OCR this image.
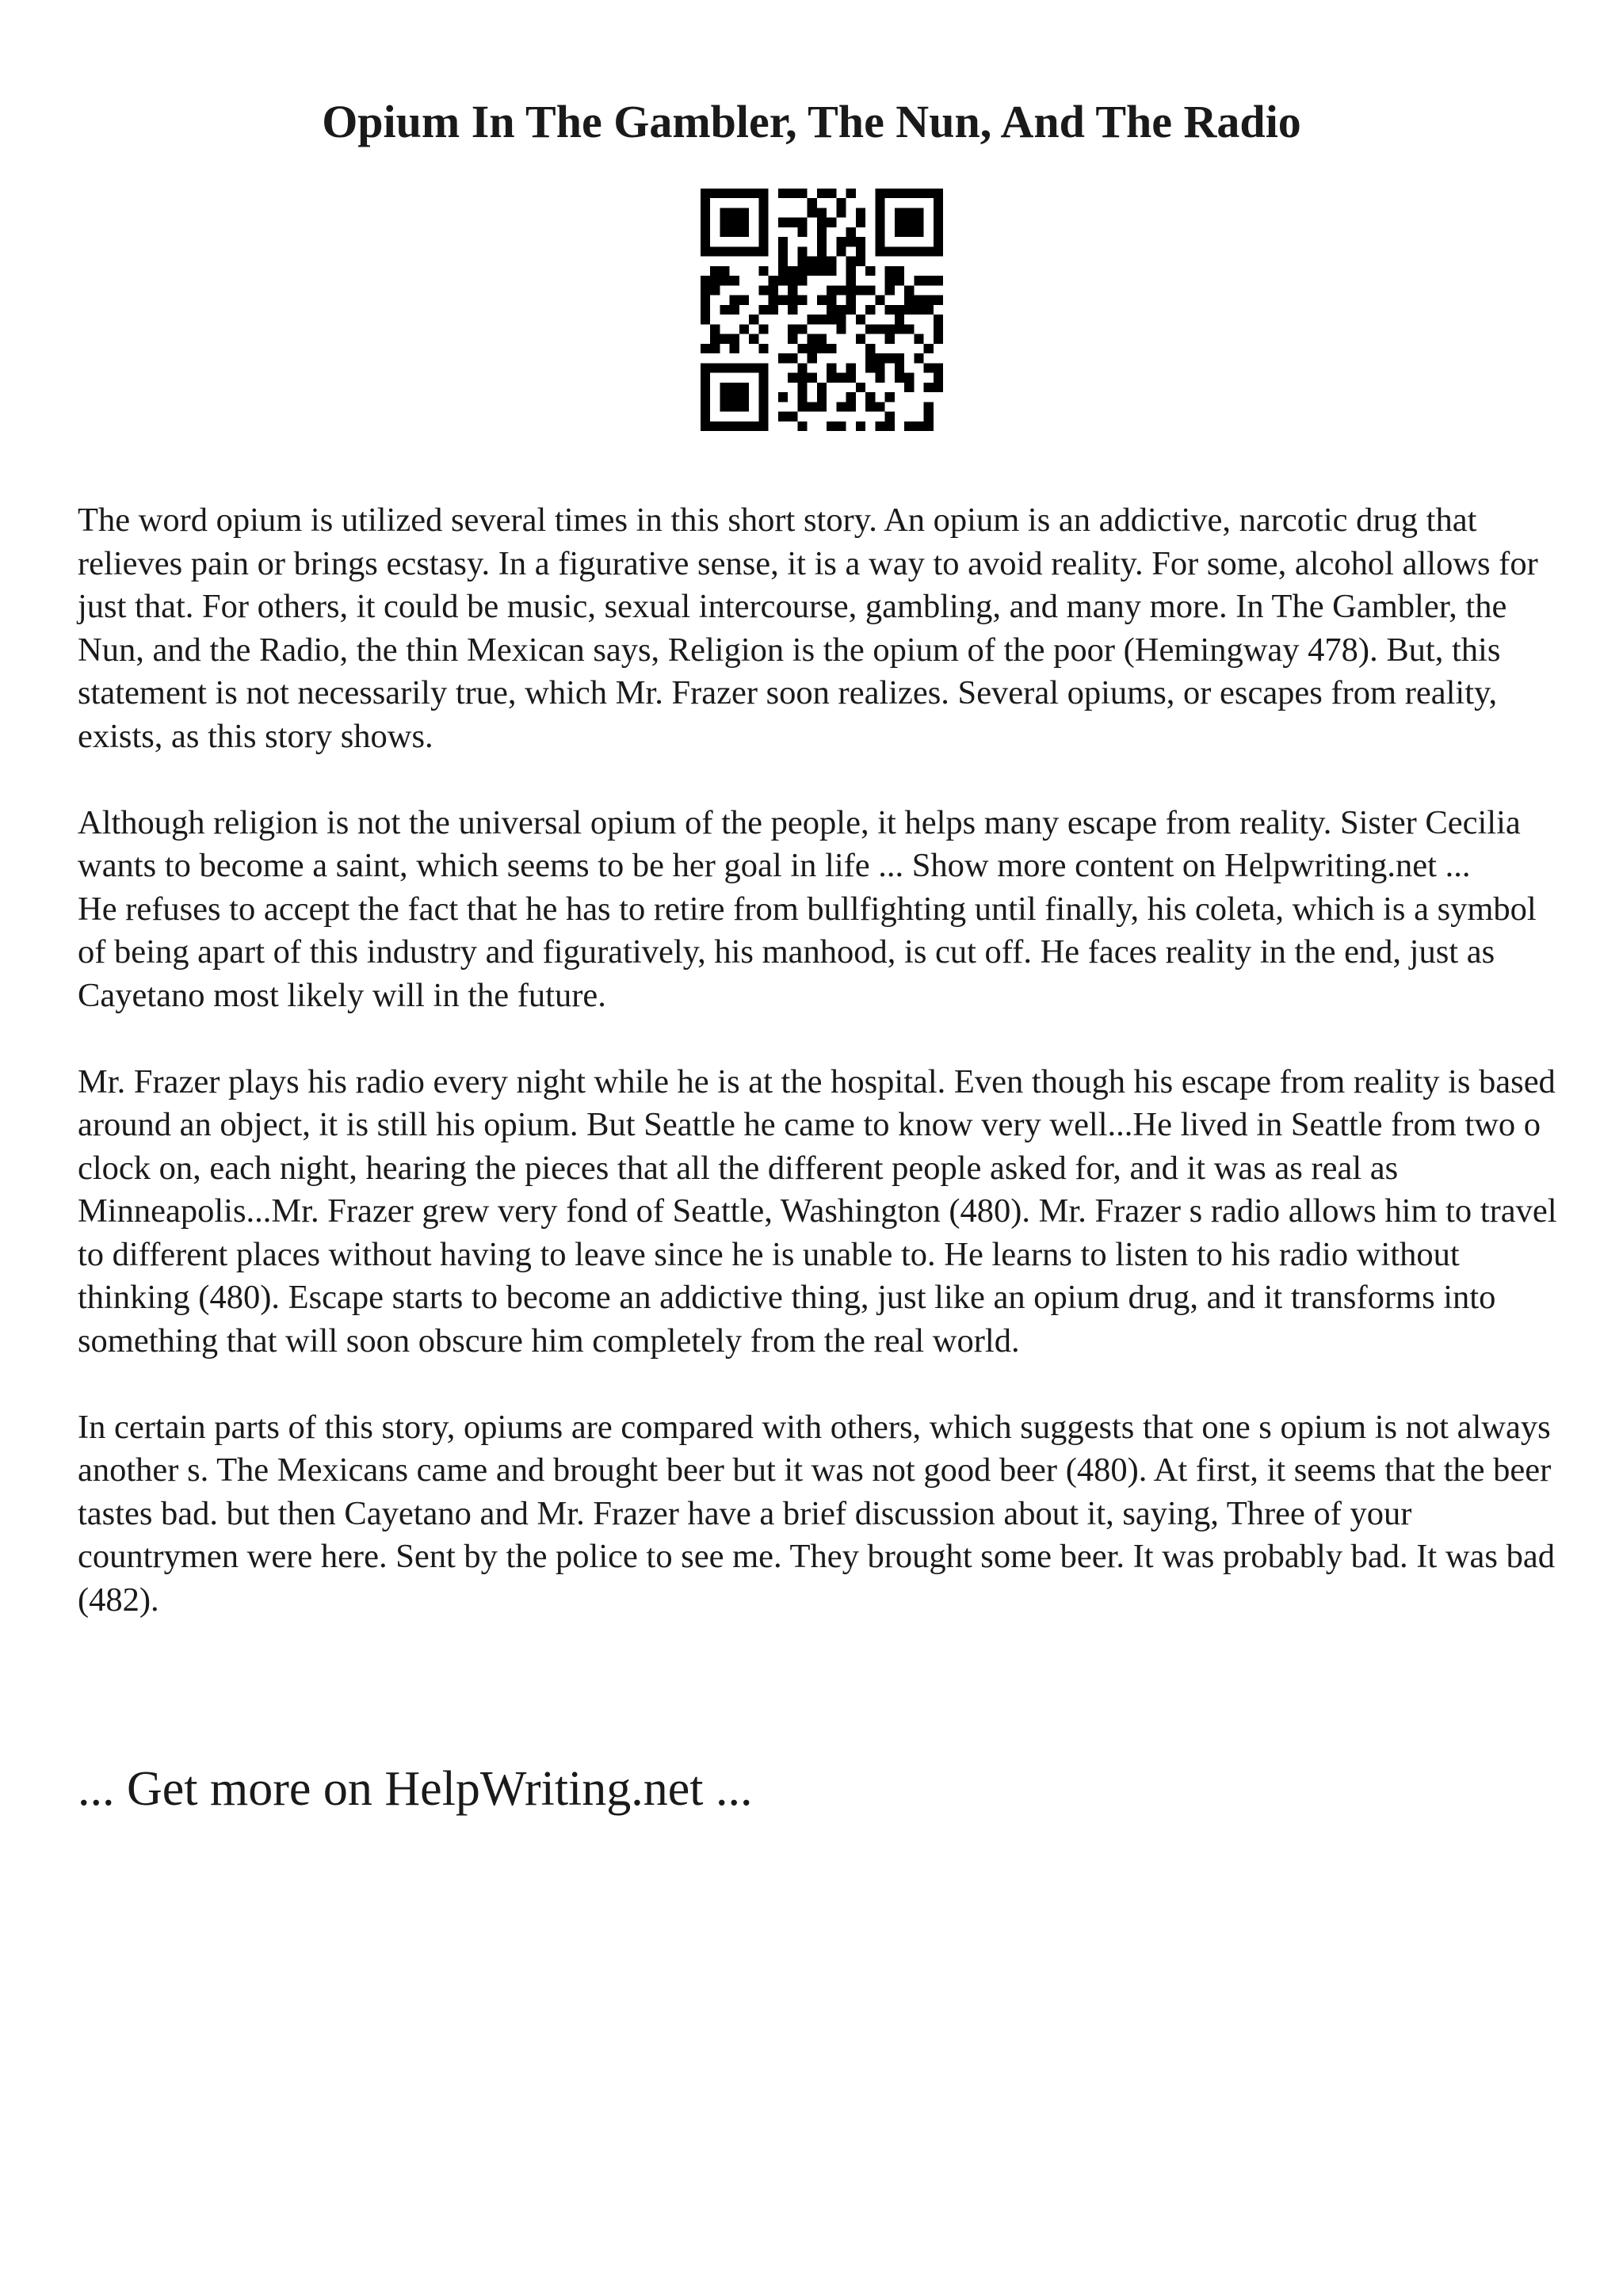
Opium In The Gambler, The Nun, And The Radio

The word opium is utilized several times in this short story. An opium is an addictive, narcotic drug that relieves pain or brings ecstasy. In a figurative sense, it is a way to avoid reality. For some, alcohol allows for just that. For others, it could be music, sexual intercourse, gambling, and many more. In The Gambler, the Nun, and the Radio, the thin Mexican says, Religion is the opium of the poor (Hemingway 478). But, this statement is not necessarily true, which Mr. Frazer soon realizes. Several opiums, or escapes from reality, exists, as this story shows.

Although religion is not the universal opium of the people, it helps many escape from reality. Sister Cecilia wants to become a saint, which seems to be her goal in life ... Show more content on Helpwriting.net ...

He refuses to accept the fact that he has to retire from bullfighting until finally, his coleta, which is a symbol of being apart of this industry and figuratively, his manhood, is cut off. He faces reality in the end, just as Cayetano most likely will in the future.

Mr. Frazer plays his radio every night while he is at the hospital. Even though his escape from reality is based around an object, it is still his opium. But Seattle he came to know very well...He lived in Seattle from two o clock on, each night, hearing the pieces that all the different people asked for, and it was as real as Minneapolis...Mr. Frazer grew very fond of Seattle, Washington (480). Mr. Frazer s radio allows him to travel to different places without having to leave since he is unable to. He learns to listen to his radio without thinking (480). Escape starts to become an addictive thing, just like an opium drug, and it transforms into something that will soon obscure him completely from the real world.

In certain parts of this story, opiums are compared with others, which suggests that one s opium is not always another s. The Mexicans came and brought beer but it was not good beer (480). At first, it seems that the beer tastes bad. but then Cayetano and Mr. Frazer have a brief discussion about it, saying, Three of your countrymen were here. Sent by the police to see me. They brought some beer. It was probably bad. It was bad (482).

... Get more on HelpWriting.net ...
